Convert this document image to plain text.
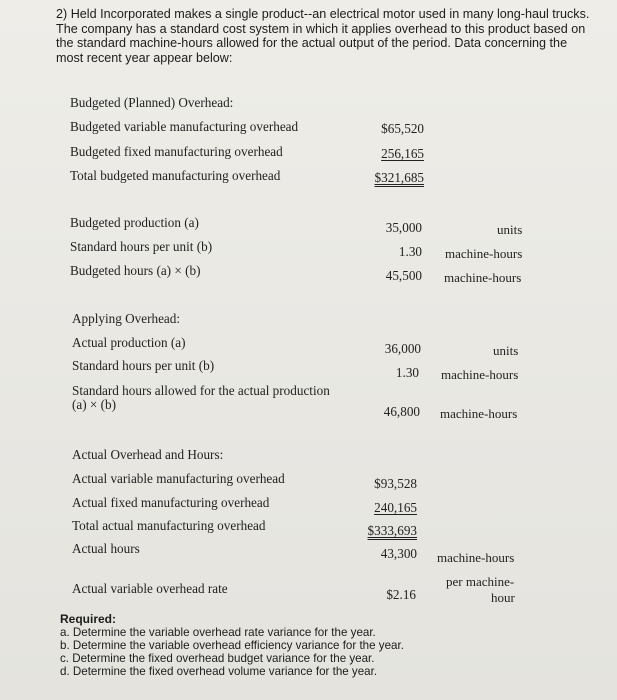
2) Held Incorporated makes a single product--an electrical motor used in many long-haul trucks. The company has a standard cost system in which it applies overhead to this product based on the standard machine-hours allowed for the actual output of the period. Data concerning the most recent year appear below:

Budgeted (Planned) Overhead:
Budgeted variable manufacturing overhead	$65,520
Budgeted fixed manufacturing overhead	256,165
Total budgeted manufacturing overhead	$321,685
Budgeted production (a)	35,000	units
Standard hours per unit (b)	1.30 machine-hours
Budgeted hours (a) × (b)	45,500 machine-hours
Applying Overhead:
Actual production (a)	36,000	units
Standard hours per unit (b)	1.30 machine-hours
Standard hours allowed for the actual production (a) × (b)	46,800 machine-hours
Actual Overhead and Hours:
Actual variable manufacturing overhead	$93,528
Actual fixed manufacturing overhead	240,165
Total actual manufacturing overhead	$333,693
Actual hours	43,300 machine-hours
Actual variable overhead rate	$2.16
per machine-
hour
Required:
a. Determine the variable overhead rate variance for the year.
b. Determine the variable overhead efficiency variance for the year.
c. Determine the fixed overhead budget variance for the year.
d. Determine the fixed overhead volume variance for the year.
